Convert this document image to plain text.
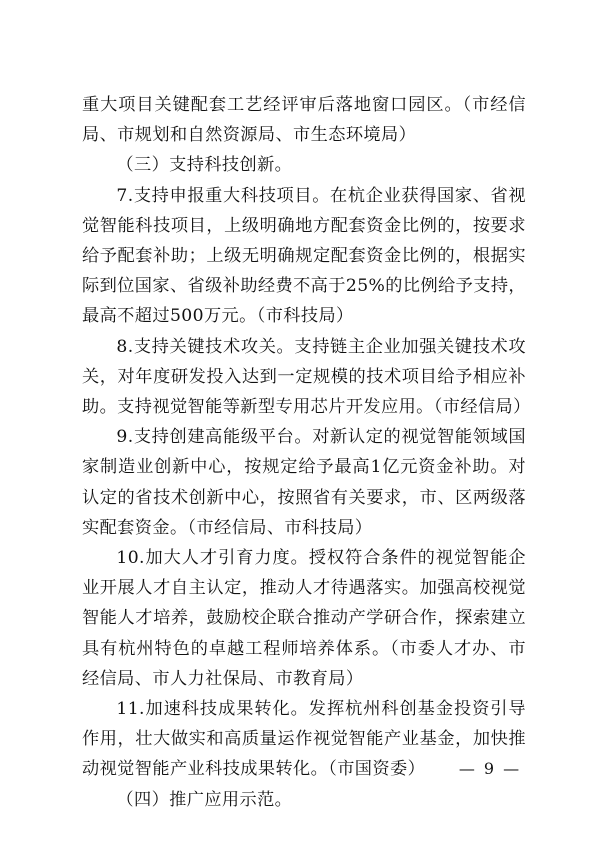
重大项目关键配套工艺经评审后落地窗口园区。（市经信局、市规划和自然资源局、市生态环境局）

（三）支持科技创新。

7.支持申报重大科技项目。在杭企业获得国家、省视觉智能科技项目，上级明确地方配套资金比例的，按要求给予配套补助；上级无明确规定配套资金比例的，根据实际到位国家、省级补助经费不高于25%的比例给予支持，最高不超过500万元。（市科技局）

8.支持关键技术攻关。支持链主企业加强关键技术攻关，对年度研发投入达到一定规模的技术项目给予相应补助。支持视觉智能等新型专用芯片开发应用。（市经信局）

9.支持创建高能级平台。对新认定的视觉智能领域国家制造业创新中心，按规定给予最高1亿元资金补助。对认定的省技术创新中心，按照省有关要求，市、区两级落实配套资金。（市经信局、市科技局）

10.加大人才引育力度。授权符合条件的视觉智能企业开展人才自主认定，推动人才待遇落实。加强高校视觉智能人才培养，鼓励校企联合推动产学研合作，探索建立具有杭州特色的卓越工程师培养体系。（市委人才办、市经信局、市人力社保局、市教育局）

11.加速科技成果转化。发挥杭州科创基金投资引导作用，壮大做实和高质量运作视觉智能产业基金，加快推动视觉智能产业科技成果转化。（市国资委）

（四）推广应用示范。

— 9 —
